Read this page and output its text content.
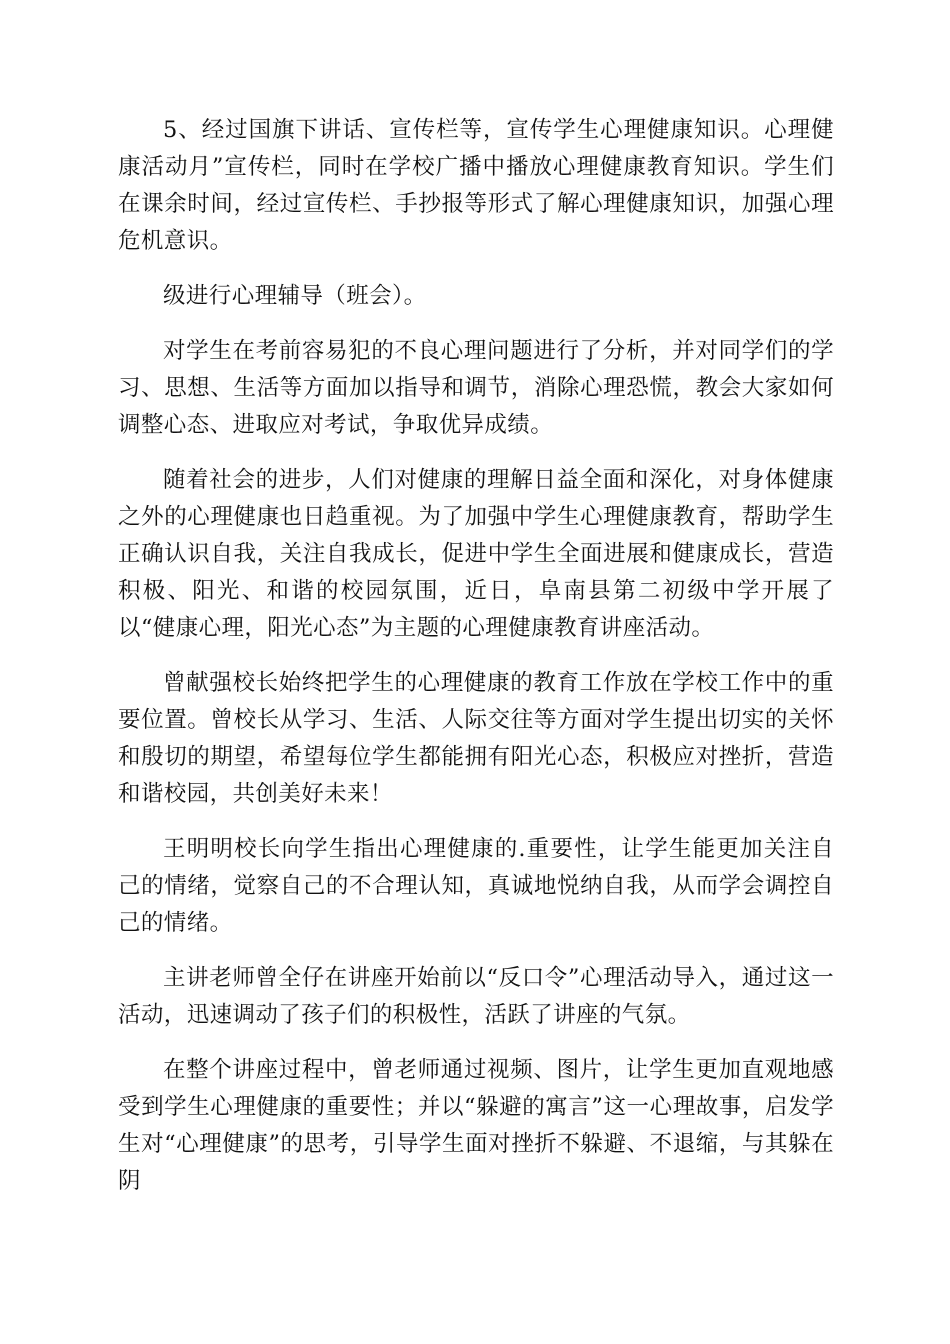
5、经过国旗下讲话、宣传栏等，宣传学生心理健康知识。心理健康活动月”宣传栏，同时在学校广播中播放心理健康教育知识。学生们在课余时间，经过宣传栏、手抄报等形式了解心理健康知识，加强心理危机意识。

级进行心理辅导（班会）。

对学生在考前容易犯的不良心理问题进行了分析，并对同学们的学习、思想、生活等方面加以指导和调节，消除心理恐慌，教会大家如何调整心态、进取应对考试，争取优异成绩。

随着社会的进步，人们对健康的理解日益全面和深化，对身体健康之外的心理健康也日趋重视。为了加强中学生心理健康教育，帮助学生正确认识自我，关注自我成长，促进中学生全面进展和健康成长，营造积极、阳光、和谐的校园氛围，近日，阜南县第二初级中学开展了以“健康心理，阳光心态”为主题的心理健康教育讲座活动。

曾献强校长始终把学生的心理健康的教育工作放在学校工作中的重要位置。曾校长从学习、生活、人际交往等方面对学生提出切实的关怀和殷切的期望，希望每位学生都能拥有阳光心态，积极应对挫折，营造和谐校园，共创美好未来！

王明明校长向学生指出心理健康的.重要性，让学生能更加关注自己的情绪，觉察自己的不合理认知，真诚地悦纳自我，从而学会调控自己的情绪。

主讲老师曾全仔在讲座开始前以“反口令”心理活动导入，通过这一活动，迅速调动了孩子们的积极性，活跃了讲座的气氛。

在整个讲座过程中，曾老师通过视频、图片，让学生更加直观地感受到学生心理健康的重要性；并以“躲避的寓言”这一心理故事，启发学生对“心理健康”的思考，引导学生面对挫折不躲避、不退缩，与其躲在阴
